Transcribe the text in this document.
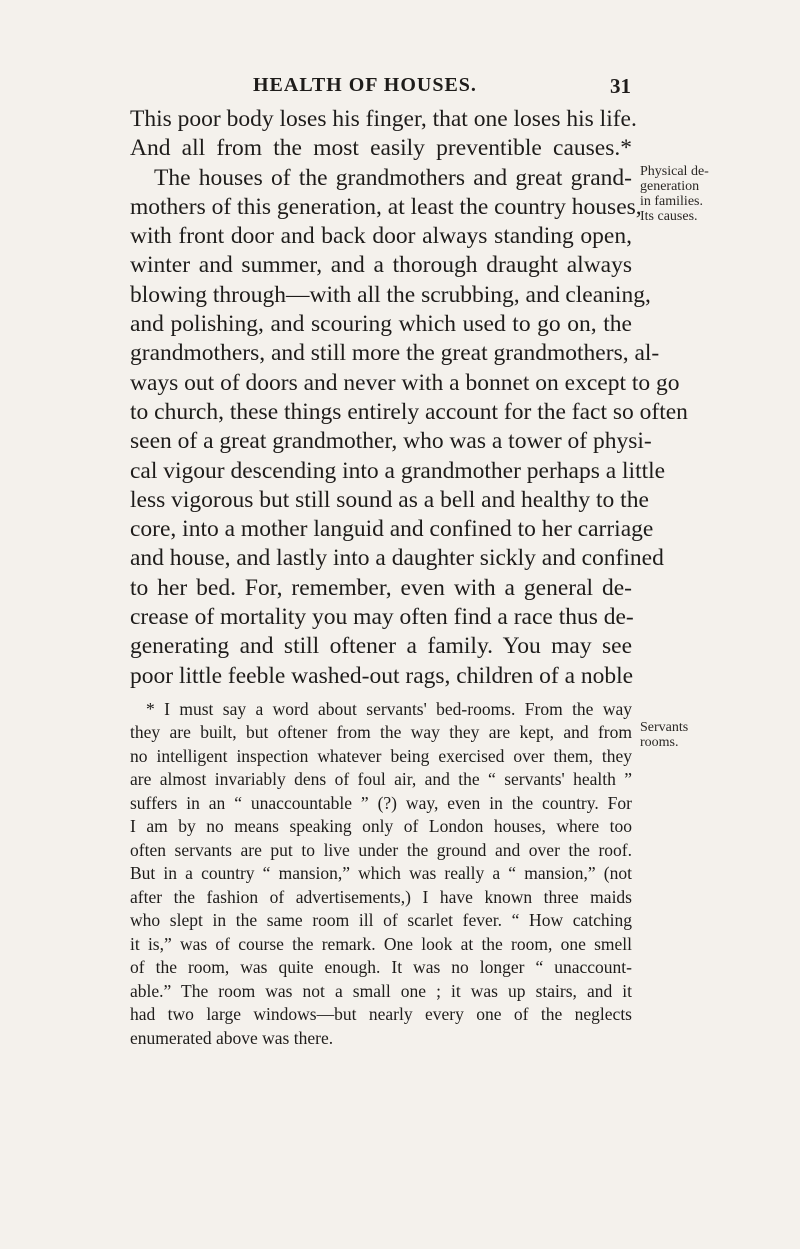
HEALTH OF HOUSES.	31
This poor body loses his finger, that one loses his life.
And all from the most easily preventible causes.*
The houses of the grandmothers and great grand-
mothers of this generation, at least the country houses,
with front door and back door always standing open,
winter and summer, and a thorough draught always
blowing through—with all the scrubbing, and cleaning,
and polishing, and scouring which used to go on, the
grandmothers, and still more the great grandmothers, al-
ways out of doors and never with a bonnet on except to go
to church, these things entirely account for the fact so often
seen of a great grandmother, who was a tower of physi-
cal vigour descending into a grandmother perhaps a little
less vigorous but still sound as a bell and healthy to the
core, into a mother languid and confined to her carriage
and house, and lastly into a daughter sickly and confined
to her bed. For, remember, even with a general de-
crease of mortality you may often find a race thus de-
generating and still oftener a family. You may see
poor little feeble washed-out rags, children of a noble
* I must say a word about servants' bed-rooms. From the way
they are built, but oftener from the way they are kept, and from
no intelligent inspection whatever being exercised over them, they
are almost invariably dens of foul air, and the “ servants' health ”
suffers in an “ unaccountable ” (?) way, even in the country. For
I am by no means speaking only of London houses, where too
often servants are put to live under the ground and over the roof.
But in a country “ mansion,” which was really a “ mansion,” (not
after the fashion of advertisements,) I have known three maids
who slept in the same room ill of scarlet fever. “ How catching
it is,” was of course the remark. One look at the room, one smell
of the room, was quite enough. It was no longer “ unaccount-
able.” The room was not a small one ; it was up stairs, and it
had two large windows—but nearly every one of the neglects
enumerated above was there.
Physical de-
generation
in families.
Its causes.
Servants
rooms.
